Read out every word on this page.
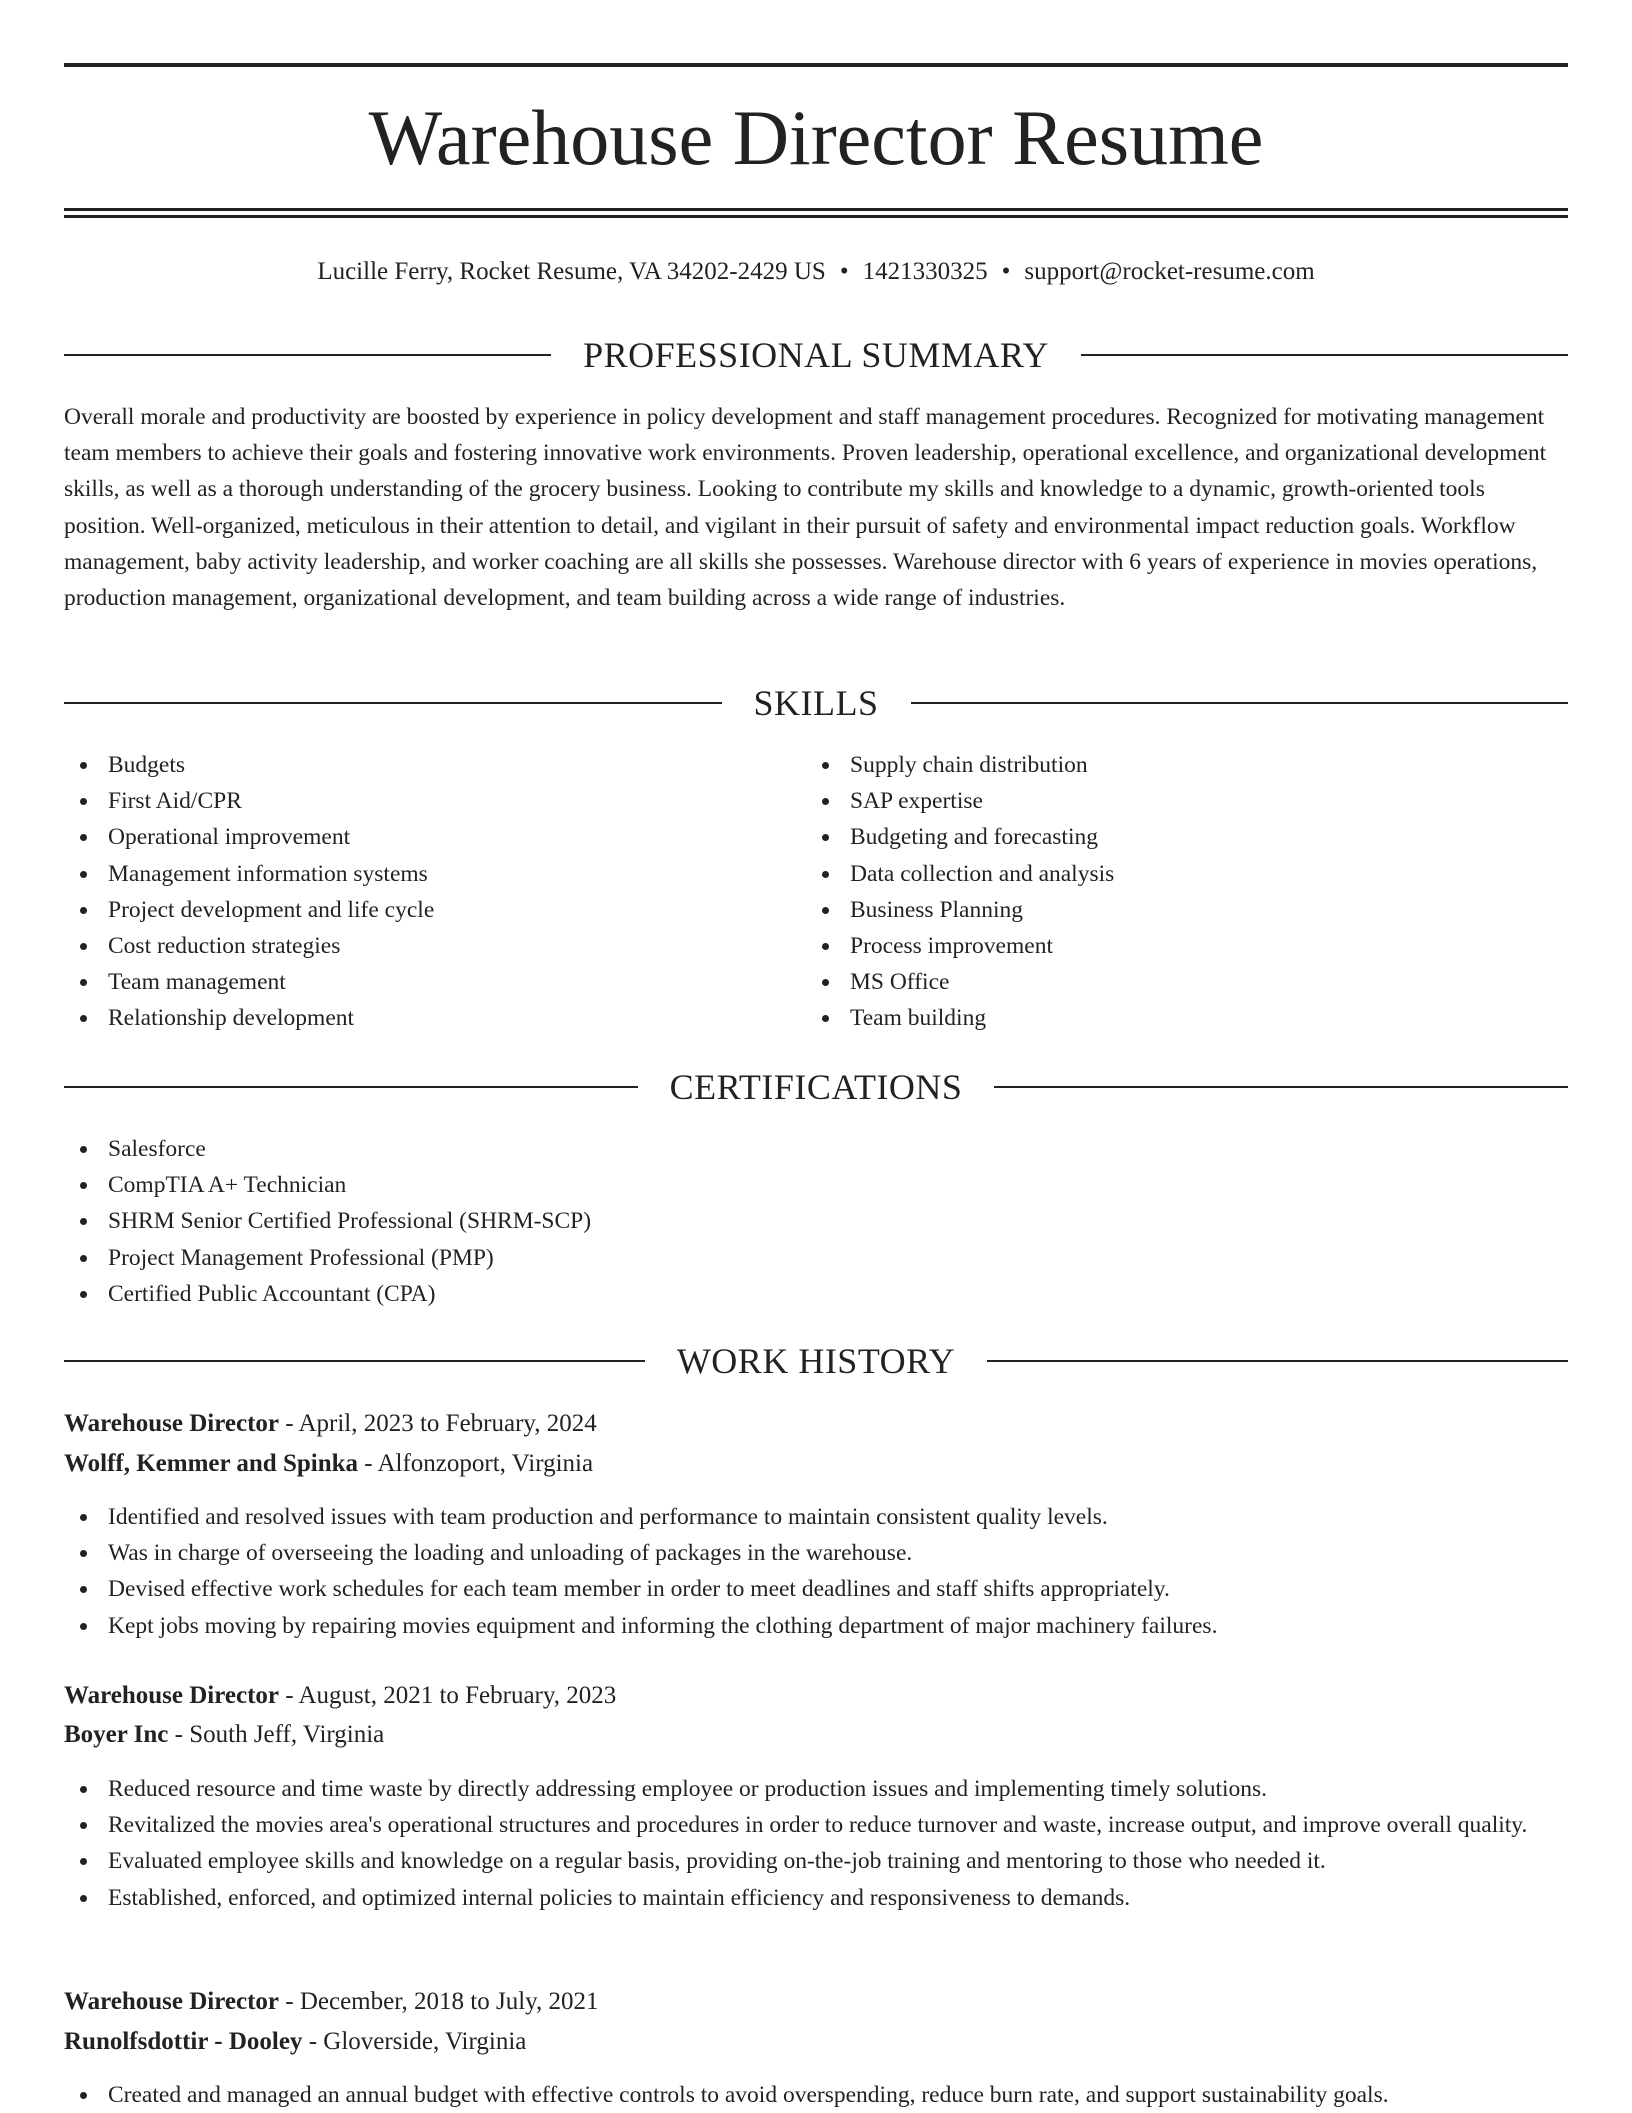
Warehouse Director Resume
Lucille Ferry, Rocket Resume, VA 34202-2429 US • 1421330325 • support@rocket-resume.com
PROFESSIONAL SUMMARY

Overall morale and productivity are boosted by experience in policy development and staff management procedures. Recognized for motivating management team members to achieve their goals and fostering innovative work environments. Proven leadership, operational excellence, and organizational development skills, as well as a thorough understanding of the grocery business. Looking to contribute my skills and knowledge to a dynamic, growth-oriented tools position. Well-organized, meticulous in their attention to detail, and vigilant in their pursuit of safety and environmental impact reduction goals. Workflow management, baby activity leadership, and worker coaching are all skills she possesses. Warehouse director with 6 years of experience in movies operations, production management, organizational development, and team building across a wide range of industries.

SKILLS
Budgets
First Aid/CPR
Operational improvement
Management information systems
Project development and life cycle
Cost reduction strategies
Team management
Relationship development
Supply chain distribution
SAP expertise
Budgeting and forecasting
Data collection and analysis
Business Planning
Process improvement
MS Office
Team building
CERTIFICATIONS
Salesforce
CompTIA A+ Technician
SHRM Senior Certified Professional (SHRM-SCP)
Project Management Professional (PMP)
Certified Public Accountant (CPA)
WORK HISTORY
Warehouse Director - April, 2023 to February, 2024
Wolff, Kemmer and Spinka - Alfonzoport, Virginia
Identified and resolved issues with team production and performance to maintain consistent quality levels.
Was in charge of overseeing the loading and unloading of packages in the warehouse.
Devised effective work schedules for each team member in order to meet deadlines and staff shifts appropriately.
Kept jobs moving by repairing movies equipment and informing the clothing department of major machinery failures.
Warehouse Director - August, 2021 to February, 2023
Boyer Inc - South Jeff, Virginia
Reduced resource and time waste by directly addressing employee or production issues and implementing timely solutions.
Revitalized the movies area's operational structures and procedures in order to reduce turnover and waste, increase output, and improve overall quality.
Evaluated employee skills and knowledge on a regular basis, providing on-the-job training and mentoring to those who needed it.
Established, enforced, and optimized internal policies to maintain efficiency and responsiveness to demands.
Warehouse Director - December, 2018 to July, 2021
Runolfsdottir - Dooley - Gloverside, Virginia
Created and managed an annual budget with effective controls to avoid overspending, reduce burn rate, and support sustainability goals.
